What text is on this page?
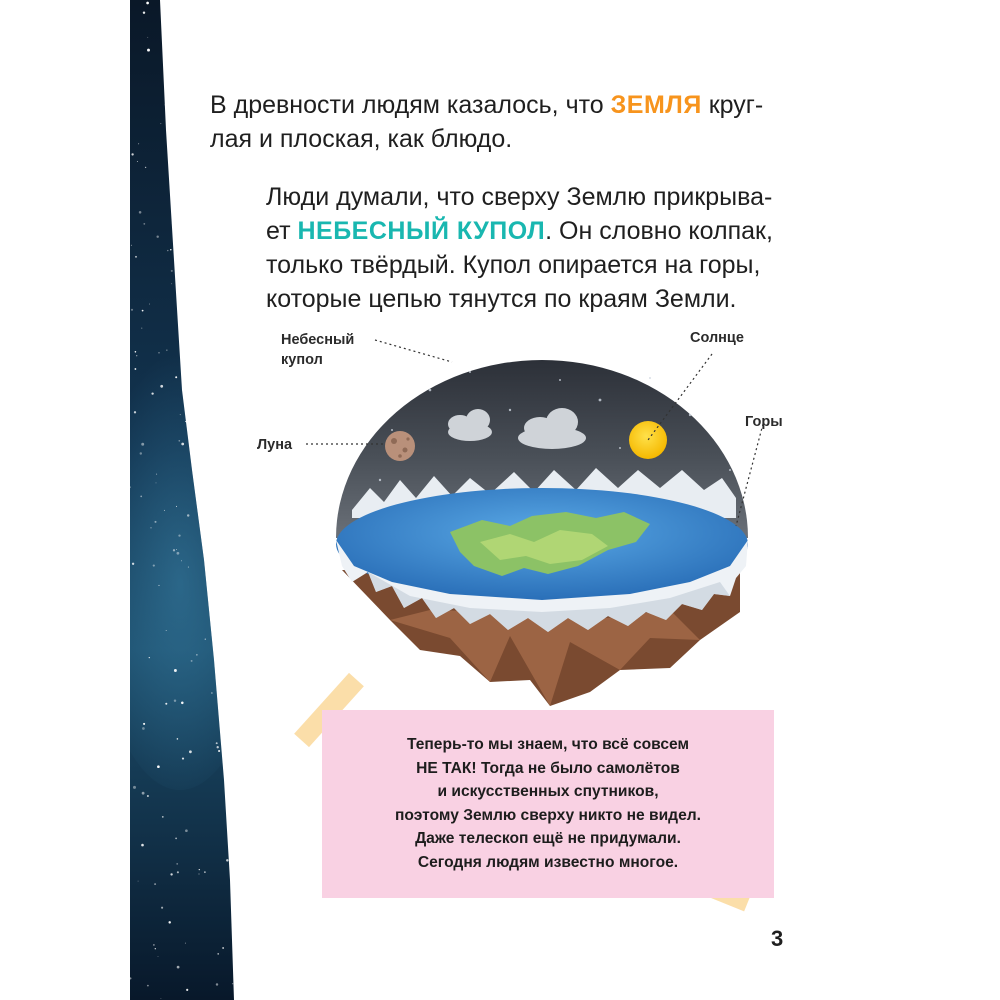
В древности людям казалось, что ЗЕМЛЯ круг-

лая и плоская, как блюдо.

Люди думали, что сверху Землю прикрыва-

ет НЕБЕСНЫЙ КУПОЛ. Он словно колпак,

только твёрдый. Купол опирается на горы,

которые цепью тянутся по краям Земли.

Небесный
купол

Солнце

Луна

Горы

Теперь-то мы знаем, что всё совсем
НЕ ТАК! Тогда не было самолётов
и искусственных спутников,
поэтому Землю сверху никто не видел.
Даже телескоп ещё не придумали.
Сегодня людям известно многое.

3
